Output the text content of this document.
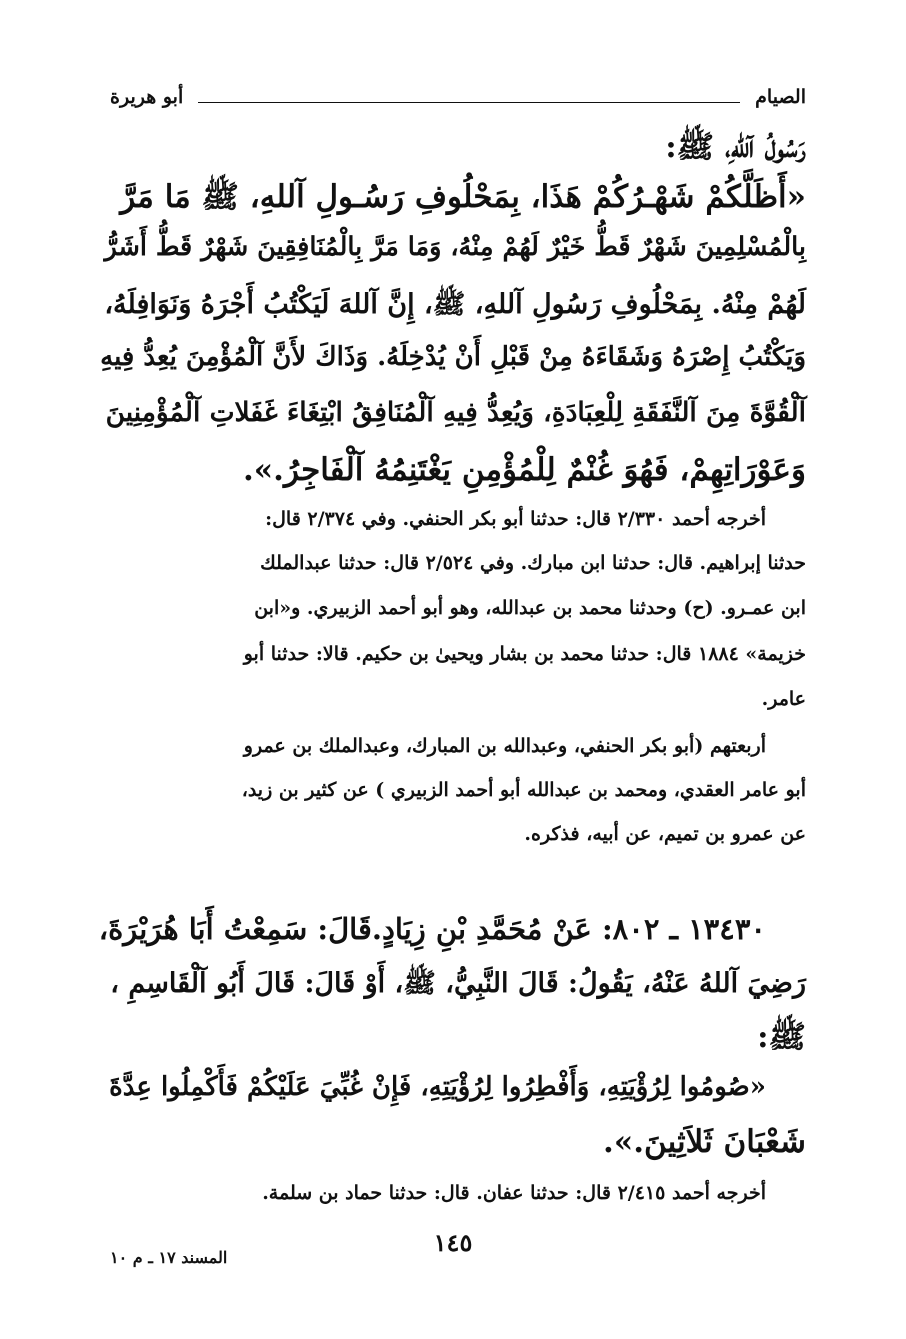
الصيام
أبو هريرة
رَسُولُ آللهِ، ﷺ:
«أَظَلَّكُمْ شَهْـرُكُمْ هَذَا، بِمَحْلُوفِ رَسُـولِ آللهِ، ﷺ مَا مَرَّ
بِالْمُسْلِمِينَ شَهْرٌ قَطُّ خَيْرٌ لَهُمْ مِنْهُ، وَمَا مَرَّ بِالْمُنَافِقِينَ شَهْرٌ قَطُّ أَشَرُّ
لَهُمْ مِنْهُ. بِمَحْلُوفِ رَسُولِ آللهِ، ﷺ، إِنَّ آللهَ لَيَكْتُبُ أَجْرَهُ وَنَوَافِلَهُ،
وَيَكْتُبُ إِصْرَهُ وَشَقَاءَهُ مِنْ قَبْلِ أَنْ يُدْخِلَهُ. وَذَاكَ لأَنَّ آلْمُؤْمِنَ يُعِدُّ فِيهِ
آلْقُوَّةَ مِنَ آلنَّفَقَةِ لِلْعِبَادَةِ، وَيُعِدُّ فِيهِ آلْمُنَافِقُ ابْتِغَاءَ غَفَلاتِ آلْمُؤْمِنِينَ
وَعَوْرَاتِهِمْ، فَهُوَ غُنْمٌ لِلْمُؤْمِنِ يَغْتَنِمُهُ آلْفَاجِرُ.».
أخرجه أحمد ٢/٣٣٠ قال: حدثنا أبو بكر الحنفي. وفي ٢/٣٧٤ قال:
حدثنا إبراهيم. قال: حدثنا ابن مبارك. وفي ٢/٥٢٤ قال: حدثنا عبدالملك
ابن عمـرو. (ح) وحدثنا محمد بن عبدالله، وهو أبو أحمد الزبيري. و«ابن
خزيمة» ١٨٨٤ قال: حدثنا محمد بن بشار ويحيىٰ بن حكيم. قالا: حدثنا أبو
عامر.
أربعتهم (أبو بكر الحنفي، وعبدالله بن المبارك، وعبدالملك بن عمرو
أبو عامر العقدي، ومحمد بن عبدالله أبو أحمد الزبيري ) عن كثير بن زيد،
عن عمرو بن تميم، عن أبيه، فذكره.
١٣٤٣٠ ـ ٨٠٢: عَنْ مُحَمَّدِ بْنِ زِيَادٍ.قَالَ: سَمِعْتُ أَبَا هُرَيْرَةَ،
رَضِيَ آللهُ عَنْهُ، يَقُولُ: قَالَ النَّبِيُّ، ﷺ، أَوْ قَالَ: قَالَ أَبُو آلْقَاسِمِ ،
ﷺ:
«صُومُوا لِرُؤْيَتِهِ، وَأَفْطِرُوا لِرُؤْيَتِهِ، فَإِنْ غُبِّيَ عَلَيْكُمْ فَأَكْمِلُوا عِدَّةَ
شَعْبَانَ ثَلاَثِينَ.».
أخرجه أحمد ٢/٤١٥ قال: حدثنا عفان. قال: حدثنا حماد بن سلمة.
١٤٥
المسند ١٧ ـ م ١٠
